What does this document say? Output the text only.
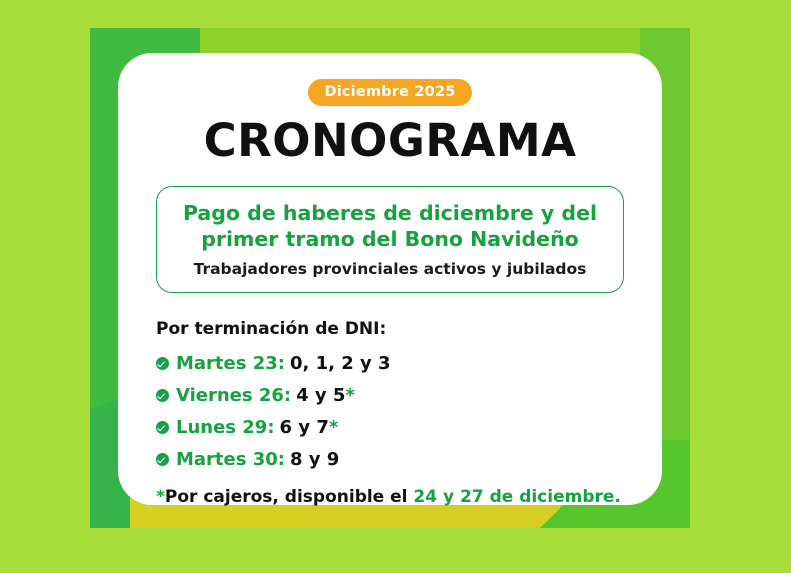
Diciembre 2025
CRONOGRAMA
Pago de haberes de diciembre y del
primer tramo del Bono Navideño
Trabajadores provinciales activos y jubilados
Por terminación de DNI:
Martes 23: 0, 1, 2 y 3
Viernes 26: 4 y 5 *
Lunes 29: 6 y 7 *
Martes 30: 8 y 9
*Por cajeros, disponible el 24 y 27 de diciembre.
